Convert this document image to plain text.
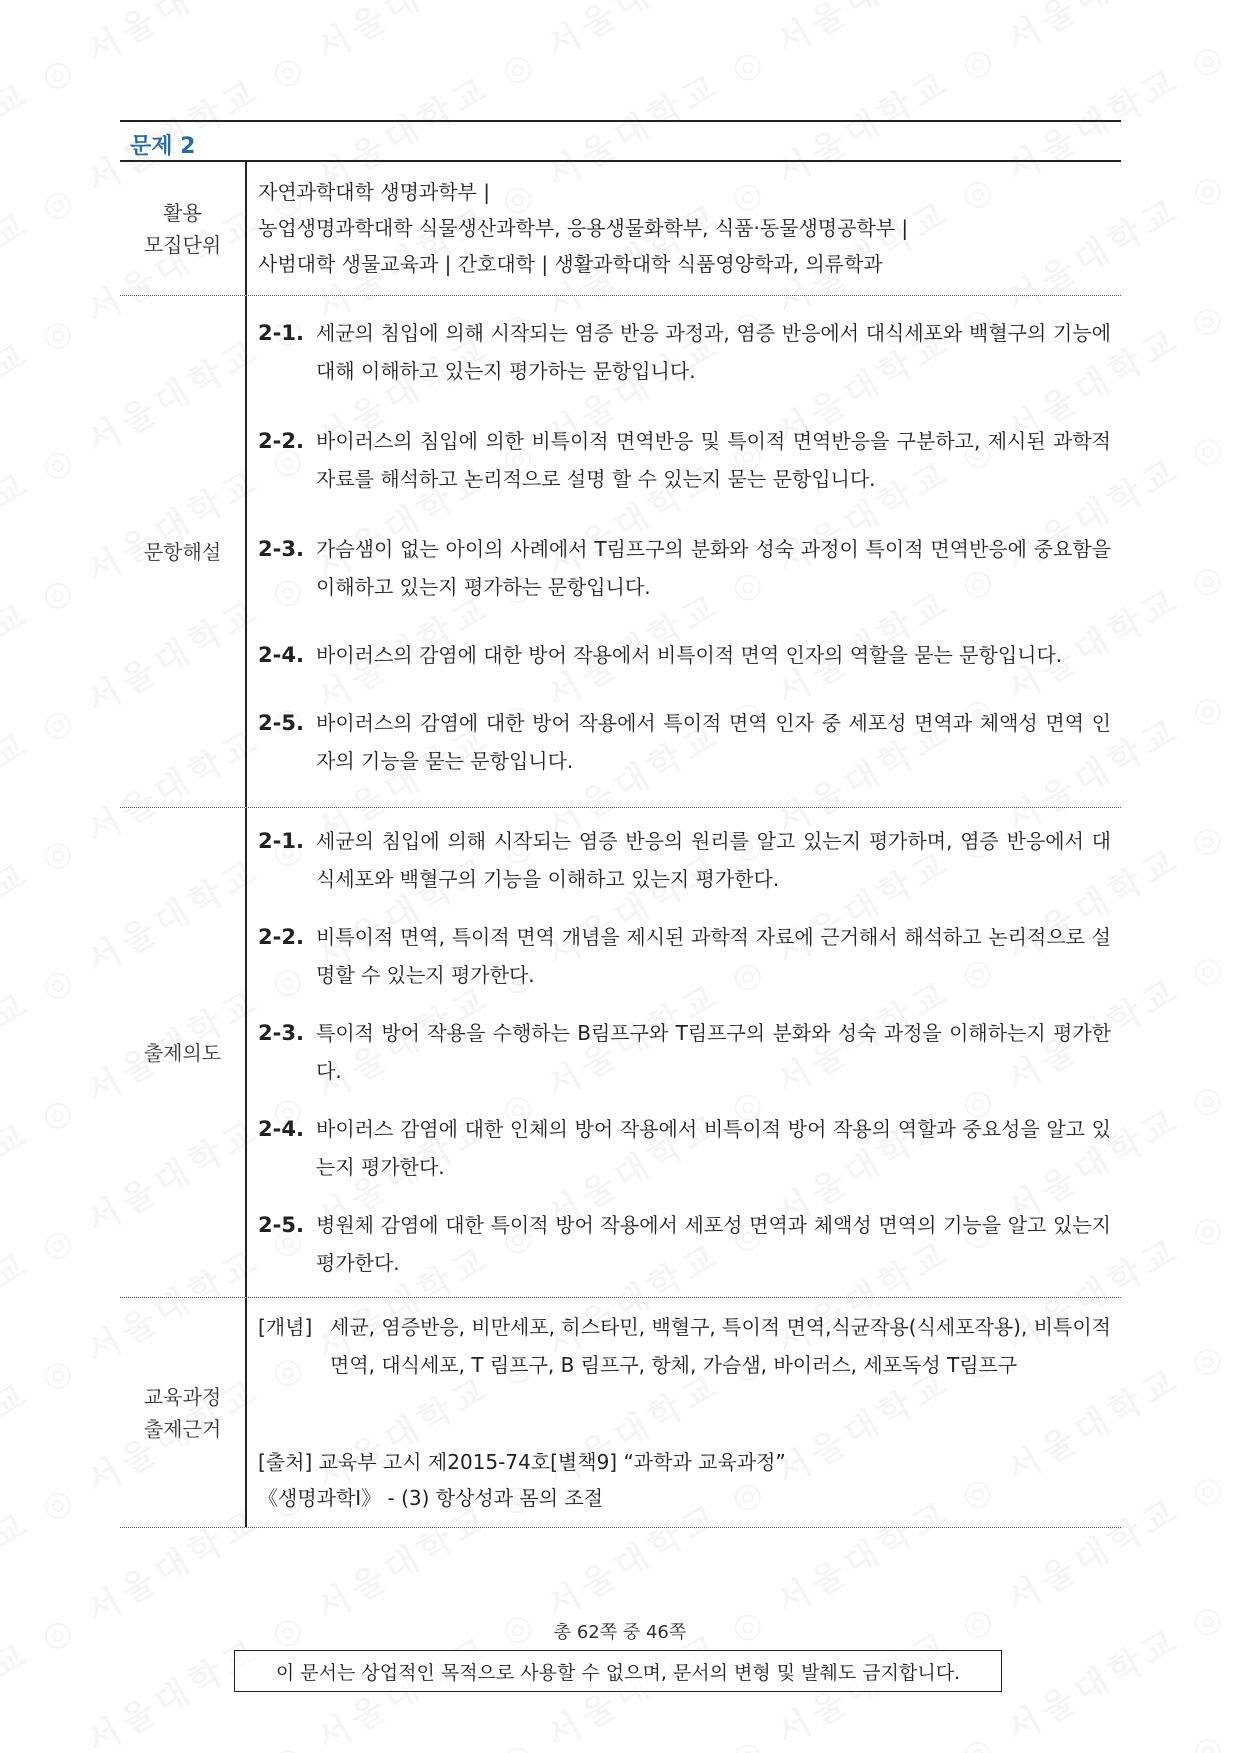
문제 2
활용
모집단위
자연과학대학 생명과학부 |
농업생명과학대학 식물생산과학부, 응용생물화학부, 식품·동물생명공학부 |
사범대학 생물교육과 | 간호대학 | 생활과학대학 식품영양학과, 의류학과
문항해설
2-1. 세균의 침입에 의해 시작되는 염증 반응 과정과, 염증 반응에서 대식세포와 백혈구의 기능에 대해 이해하고 있는지 평가하는 문항입니다.
2-2. 바이러스의 침입에 의한 비특이적 면역반응 및 특이적 면역반응을 구분하고, 제시된 과학적 자료를 해석하고 논리적으로 설명 할 수 있는지 묻는 문항입니다.
2-3. 가슴샘이 없는 아이의 사례에서 T림프구의 분화와 성숙 과정이 특이적 면역반응에 중요함을 이해하고 있는지 평가하는 문항입니다.
2-4. 바이러스의 감염에 대한 방어 작용에서 비특이적 면역 인자의 역할을 묻는 문항입니다.
2-5. 바이러스의 감염에 대한 방어 작용에서 특이적 면역 인자 중 세포성 면역과 체액성 면역 인자의 기능을 묻는 문항입니다.
출제의도
2-1. 세균의 침입에 의해 시작되는 염증 반응의 원리를 알고 있는지 평가하며, 염증 반응에서 대식세포와 백혈구의 기능을 이해하고 있는지 평가한다.
2-2. 비특이적 면역, 특이적 면역 개념을 제시된 과학적 자료에 근거해서 해석하고 논리적으로 설명할 수 있는지 평가한다.
2-3. 특이적 방어 작용을 수행하는 B림프구와 T림프구의 분화와 성숙 과정을 이해하는지 평가한다.
2-4. 바이러스 감염에 대한 인체의 방어 작용에서 비특이적 방어 작용의 역할과 중요성을 알고 있는지 평가한다.
2-5. 병원체 감염에 대한 특이적 방어 작용에서 세포성 면역과 체액성 면역의 기능을 알고 있는지 평가한다.
교육과정
출제근거
[개념] 세균, 염증반응, 비만세포, 히스타민, 백혈구, 특이적 면역,식균작용(식세포작용), 비특이적 면역, 대식세포, T 림프구, B 림프구, 항체, 가슴샘, 바이러스, 세포독성 T림프구
[출처] 교육부 고시 제2015-74호[별책9] “과학과 교육과정”
《생명과학Ⅰ》 - (3) 항상성과 몸의 조절
총 62쪽 중 46쪽
이 문서는 상업적인 목적으로 사용할 수 없으며, 문서의 변형 및 발췌도 금지합니다.
